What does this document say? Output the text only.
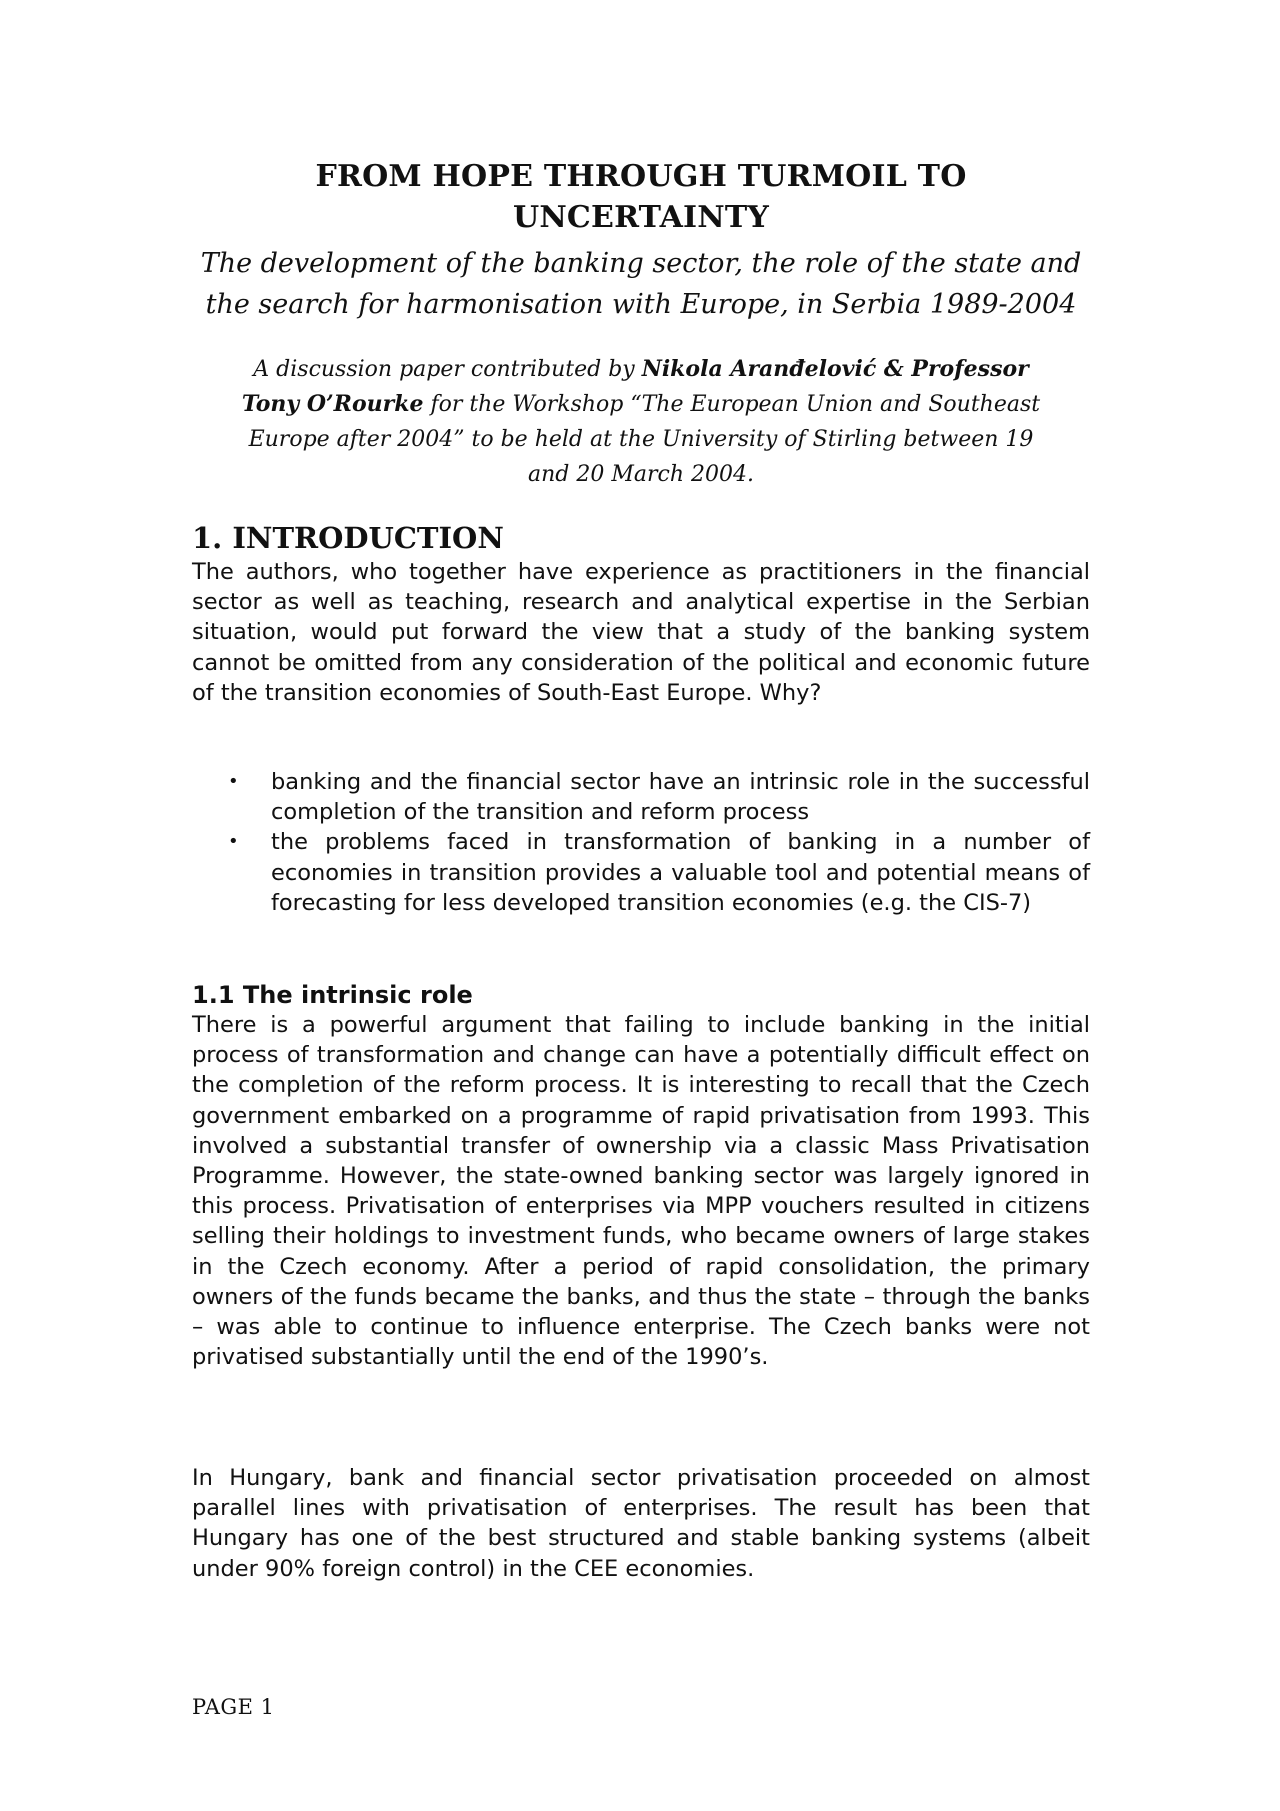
FROM HOPE THROUGH TURMOIL TO
UNCERTAINTY
The development of the banking sector, the role of the state and the search for harmonisation with Europe, in Serbia 1989-2004
A discussion paper contributed by Nikola Aranđelović & Professor Tony O’Rourke for the Workshop “The European Union and Southeast Europe after 2004” to be held at the University of Stirling between 19 and 20 March 2004.
1. INTRODUCTION

The authors, who together have experience as practitioners in the financial sector as well as teaching, research and analytical expertise in the Serbian situation, would put forward the view that a study of the banking system cannot be omitted from any consideration of the political and economic future of the transition economies of South-East Europe. Why?

• banking and the financial sector have an intrinsic role in the successful completion of the transition and reform process
• the problems faced in transformation of banking in a number of economies in transition provides a valuable tool and potential means of forecasting for less developed transition economies (e.g. the CIS-7)
1.1 The intrinsic role

There is a powerful argument that failing to include banking in the initial process of transformation and change can have a potentially difficult effect on the completion of the reform process. It is interesting to recall that the Czech government embarked on a programme of rapid privatisation from 1993. This involved a substantial transfer of ownership via a classic Mass Privatisation Programme. However, the state-owned banking sector was largely ignored in this process. Privatisation of enterprises via MPP vouchers resulted in citizens selling their holdings to investment funds, who became owners of large stakes in the Czech economy. After a period of rapid consolidation, the primary owners of the funds became the banks, and thus the state – through the banks – was able to continue to influence enterprise. The Czech banks were not privatised substantially until the end of the 1990’s.

In Hungary, bank and financial sector privatisation proceeded on almost parallel lines with privatisation of enterprises. The result has been that Hungary has one of the best structured and stable banking systems (albeit under 90% foreign control) in the CEE economies.

PAGE 1
